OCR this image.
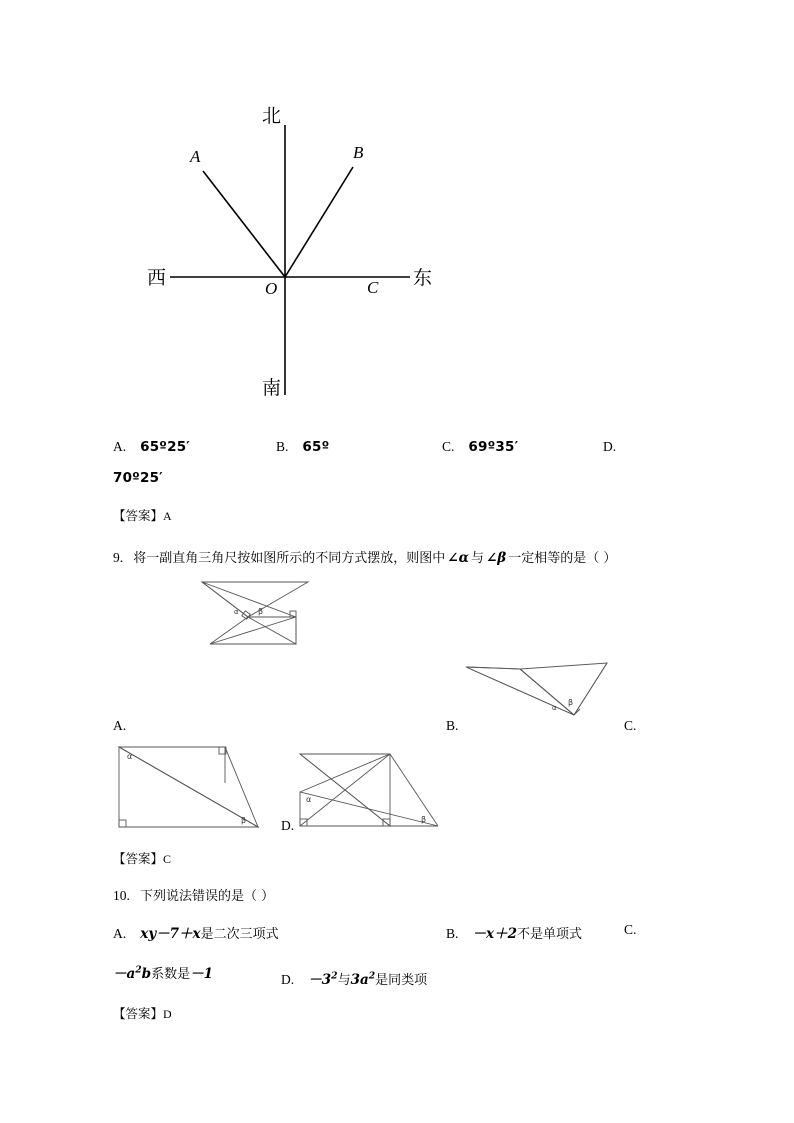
北
南
东
西
A	B
C
O
A. 65º25′	B. 65º	C. 69º35′	D.
70º25′
【答案】A
9. 将一副直角三角尺按如图所示的不同方式摆放，则图中 ∠α 与 ∠β 一定相等的是（ ）
α β
α
β
A.	B.	C.
D.
α
β
α
β
【答案】C
10. 下列说法错误的是（ ）
A. xy－7＋x是二次三项式	B. －x＋2不是单项式	C.
$-a^2b$系数是－1	D. $-3^2$与$3a^2$是同类项
【答案】D
